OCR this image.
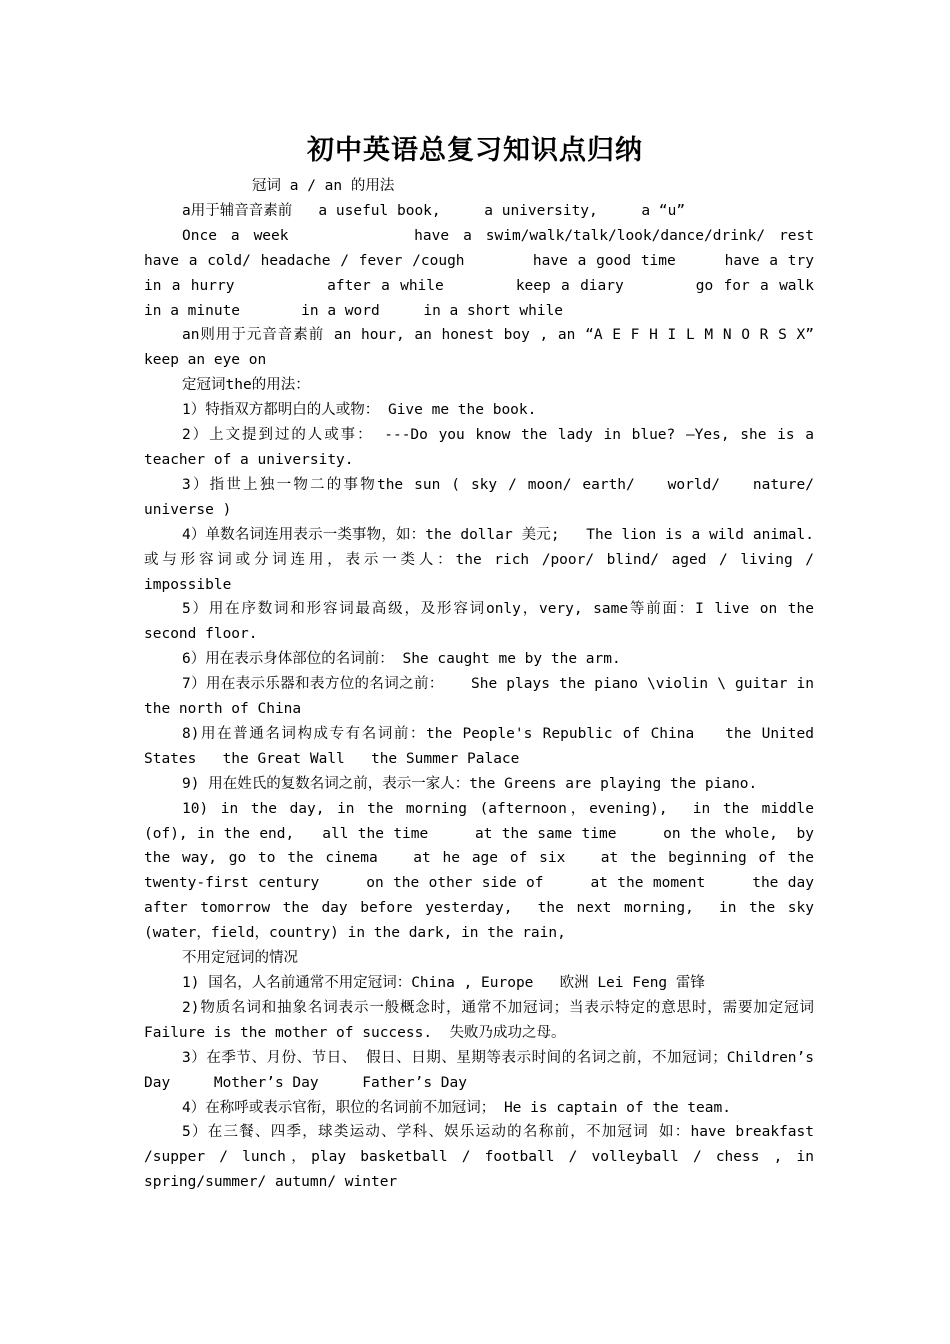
初中英语总复习知识点归纳

冠词 a / an 的用法

a用于辅音音素前   a useful book,     a university,     a “u”

Once a week         have a swim/walk/talk/look/dance/drink/ rest     have a cold/ headache / fever /cough       have a good time     have a try     in a hurry         after a while       keep a diary       go for a walk     in a minute       in a word     in a short while

an则用于元音音素前 an hour, an honest boy , an “A E F H I L M N O R S X” keep an eye on

定冠词the的用法：

1）特指双方都明白的人或物： Give me the book.

2）上文提到过的人或事： ---Do you know the lady in blue? –Yes, she is a teacher of a university.

3）指世上独一物二的事物the sun ( sky / moon/ earth/   world/   nature/ universe )

4）单数名词连用表示一类事物，如：the dollar 美元;   The lion is a wild animal.或与形容词或分词连用，表示一类人：the rich /poor/ blind/ aged / living / impossible

5）用在序数词和形容词最高级，及形容词only，very, same等前面：I live on the second floor.

6）用在表示身体部位的名词前： She caught me by the arm.

7）用在表示乐器和表方位的名词之前：   She plays the piano \violin \ guitar in the north of China

8)用在普通名词构成专有名词前：the People's Republic of China   the United States   the Great Wall   the Summer Palace

9) 用在姓氏的复数名词之前，表示一家人：the Greens are playing the piano.

10) in the day, in the morning (afternoon，evening),  in the middle (of), in the end,   all the time     at the same time     on the whole,  by the way, go to the cinema   at he age of six   at the beginning of the twenty-first century     on the other side of     at the moment     the day after tomorrow the day before yesterday,  the next morning,  in the sky (water，field，country) in the dark, in the rain,

不用定冠词的情况

1) 国名，人名前通常不用定冠词：China , Europe   欧洲 Lei Feng 雷锋

2)物质名词和抽象名词表示一般概念时，通常不加冠词；当表示特定的意思时，需要加定冠词Failure is the mother of success.  失败乃成功之母。

3）在季节、月份、节日、 假日、日期、星期等表示时间的名词之前，不加冠词；Children’s Day     Mother’s Day     Father’s Day

4）在称呼或表示官衔，职位的名词前不加冠词； He is captain of the team.

5）在三餐、四季，球类运动、学科、娱乐运动的名称前，不加冠词 如：have breakfast /supper / lunch，play basketball / football / volleyball / chess , in spring/summer/ autumn/ winter
